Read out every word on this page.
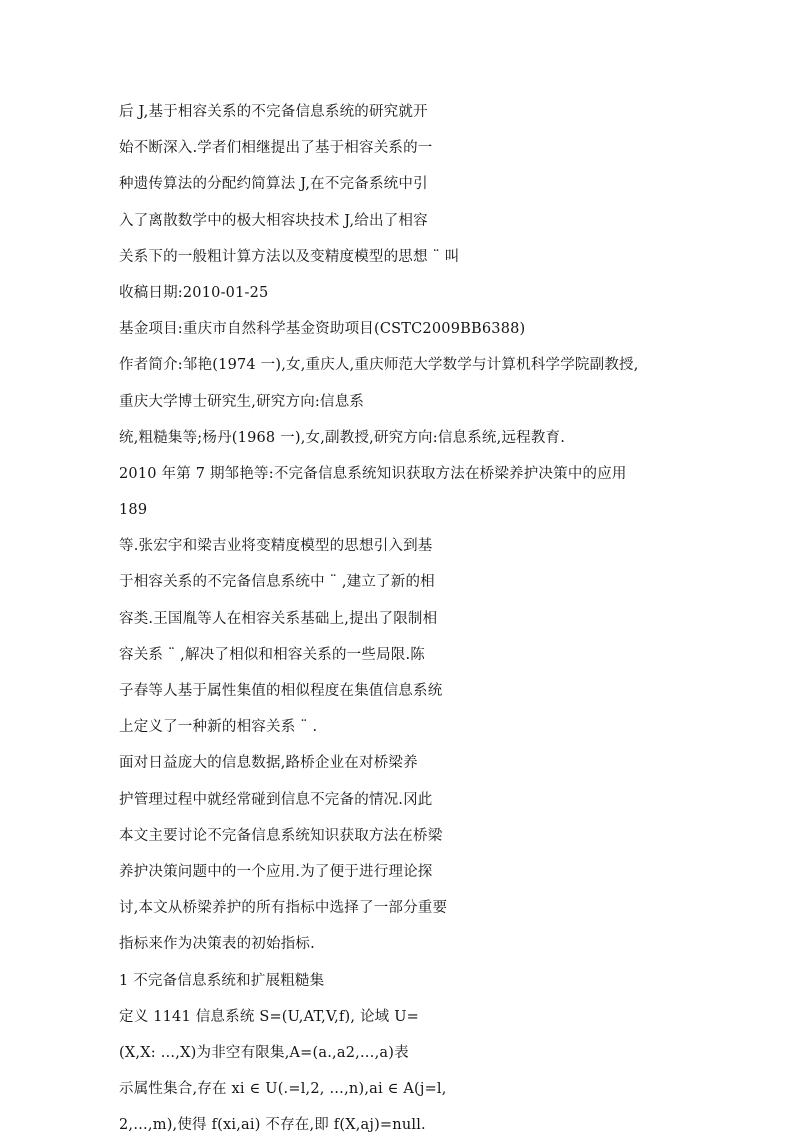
后 J,基于相容关系的不完备信息系统的研究就开
始不断深入.学者们相继提出了基于相容关系的一
种遗传算法的分配约简算法 J,在不完备系统中引
入了离散数学中的极大相容块技术 J,给出了相容
关系下的一般粗计算方法以及变精度模型的思想 ¨ 叫
收稿日期:2010-01-25
基金项目:重庆市自然科学基金资助项目(CSTC2009BB6388)
作者简介:邹艳(1974 一),女,重庆人,重庆师范大学数学与计算机科学学院副教授,
重庆大学博士研究生,研究方向:信息系
统,粗糙集等;杨丹(1968 一),女,副教授,研究方向:信息系统,远程教育.
2010 年第 7 期邹艳等:不完备信息系统知识获取方法在桥梁养护决策中的应用
189
等.张宏宇和梁吉业将变精度模型的思想引入到基
于相容关系的不完备信息系统中 ¨ ,建立了新的相
容类.王国胤等人在相容关系基础上,提出了限制相
容关系 ¨ ,解决了相似和相容关系的一些局限.陈
子春等人基于属性集值的相似程度在集值信息系统
上定义了一种新的相容关系 ¨ .
面对日益庞大的信息数据,路桥企业在对桥梁养
护管理过程中就经常碰到信息不完备的情况.冈此
本文主要讨论不完备信息系统知识获取方法在桥梁
养护决策问题中的一个应用.为了便于进行理论探
讨,本文从桥梁养护的所有指标中选择了一部分重要
指标来作为决策表的初始指标.
1 不完备信息系统和扩展粗糙集
定义 1141 信息系统 S=(U,AT,V,f), 论域 U=
(X,X: …,X)为非空有限集,A=(a.,a2,…,a)表
示属性集合,存在 xi ∈ U(.=l,2, …,n),ai ∈ A(j=l,
2,…,m),使得 f(xi,ai) 不存在,即 f(X,aj)=null.
